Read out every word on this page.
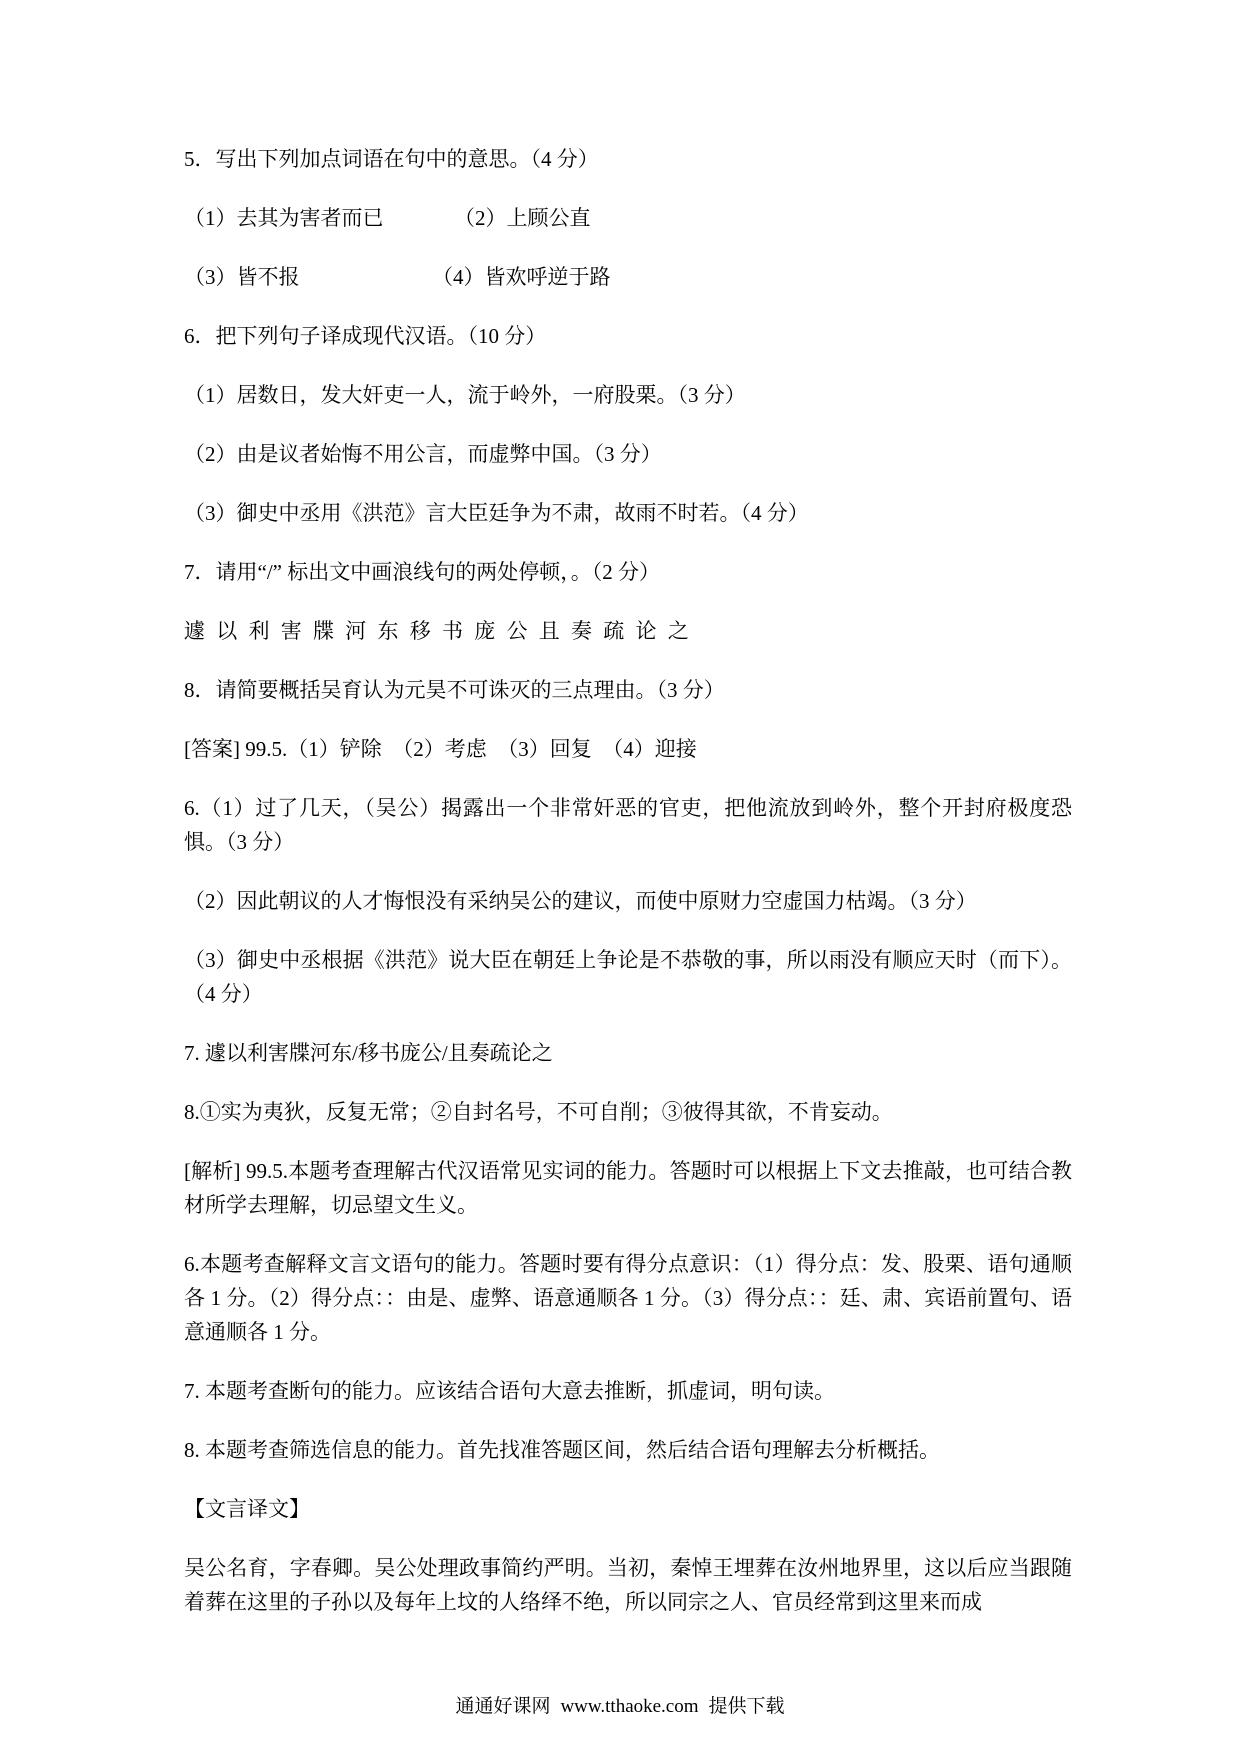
5．写出下列加点词语在句中的意思。（4 分）

（1）去其为害者而已	（2）上顾公直

（3）皆不报	（4）皆欢呼逆于路

6．把下列句子译成现代汉语。（10 分）

（1）居数日，发大奸吏一人，流于岭外，一府股栗。（3 分）

（2）由是议者始悔不用公言，而虚弊中国。（3 分）

（3）御史中丞用《洪范》言大臣廷争为不肃，故雨不时若。（4 分）

7．请用“/” 标出文中画浪线句的两处停顿，。（2 分）

遽 以 利 害 牒 河 东 移 书 庞 公 且 奏 疏 论 之

8．请简要概括吴育认为元昊不可诛灭的三点理由。（3 分）

[答案] 99.5.（1）铲除　（2）考虑　（3）回复　（4）迎接

6.（1）过了几天，（吴公）揭露出一个非常奸恶的官吏，把他流放到岭外，整个开封府极度恐惧。（3 分）

（2）因此朝议的人才悔恨没有采纳吴公的建议，而使中原财力空虚国力枯竭。（3 分）

（3）御史中丞根据《洪范》说大臣在朝廷上争论是不恭敬的事，所以雨没有顺应天时（而下）。（4 分）

7. 遽以利害牒河东/移书庞公/且奏疏论之

8.①实为夷狄，反复无常；②自封名号，不可自削；③彼得其欲，不肯妄动。

[解析] 99.5.本题考查理解古代汉语常见实词的能力。答题时可以根据上下文去推敲，也可结合教材所学去理解，切忌望文生义。

6.本题考查解释文言文语句的能力。答题时要有得分点意识：（1）得分点：发、股栗、语句通顺各 1 分。（2）得分点：：由是、虚弊、语意通顺各 1 分。（3）得分点：：廷、肃、宾语前置句、语意通顺各 1 分。

7. 本题考查断句的能力。应该结合语句大意去推断，抓虚词，明句读。

8. 本题考查筛选信息的能力。首先找准答题区间，然后结合语句理解去分析概括。

【文言译文】

吴公名育，字春卿。吴公处理政事简约严明。当初，秦悼王埋葬在汝州地界里，这以后应当跟随着葬在这里的子孙以及每年上坟的人络绎不绝，所以同宗之人、官员经常到这里来而成

通通好课网 www.tthaoke.com 提供下载
